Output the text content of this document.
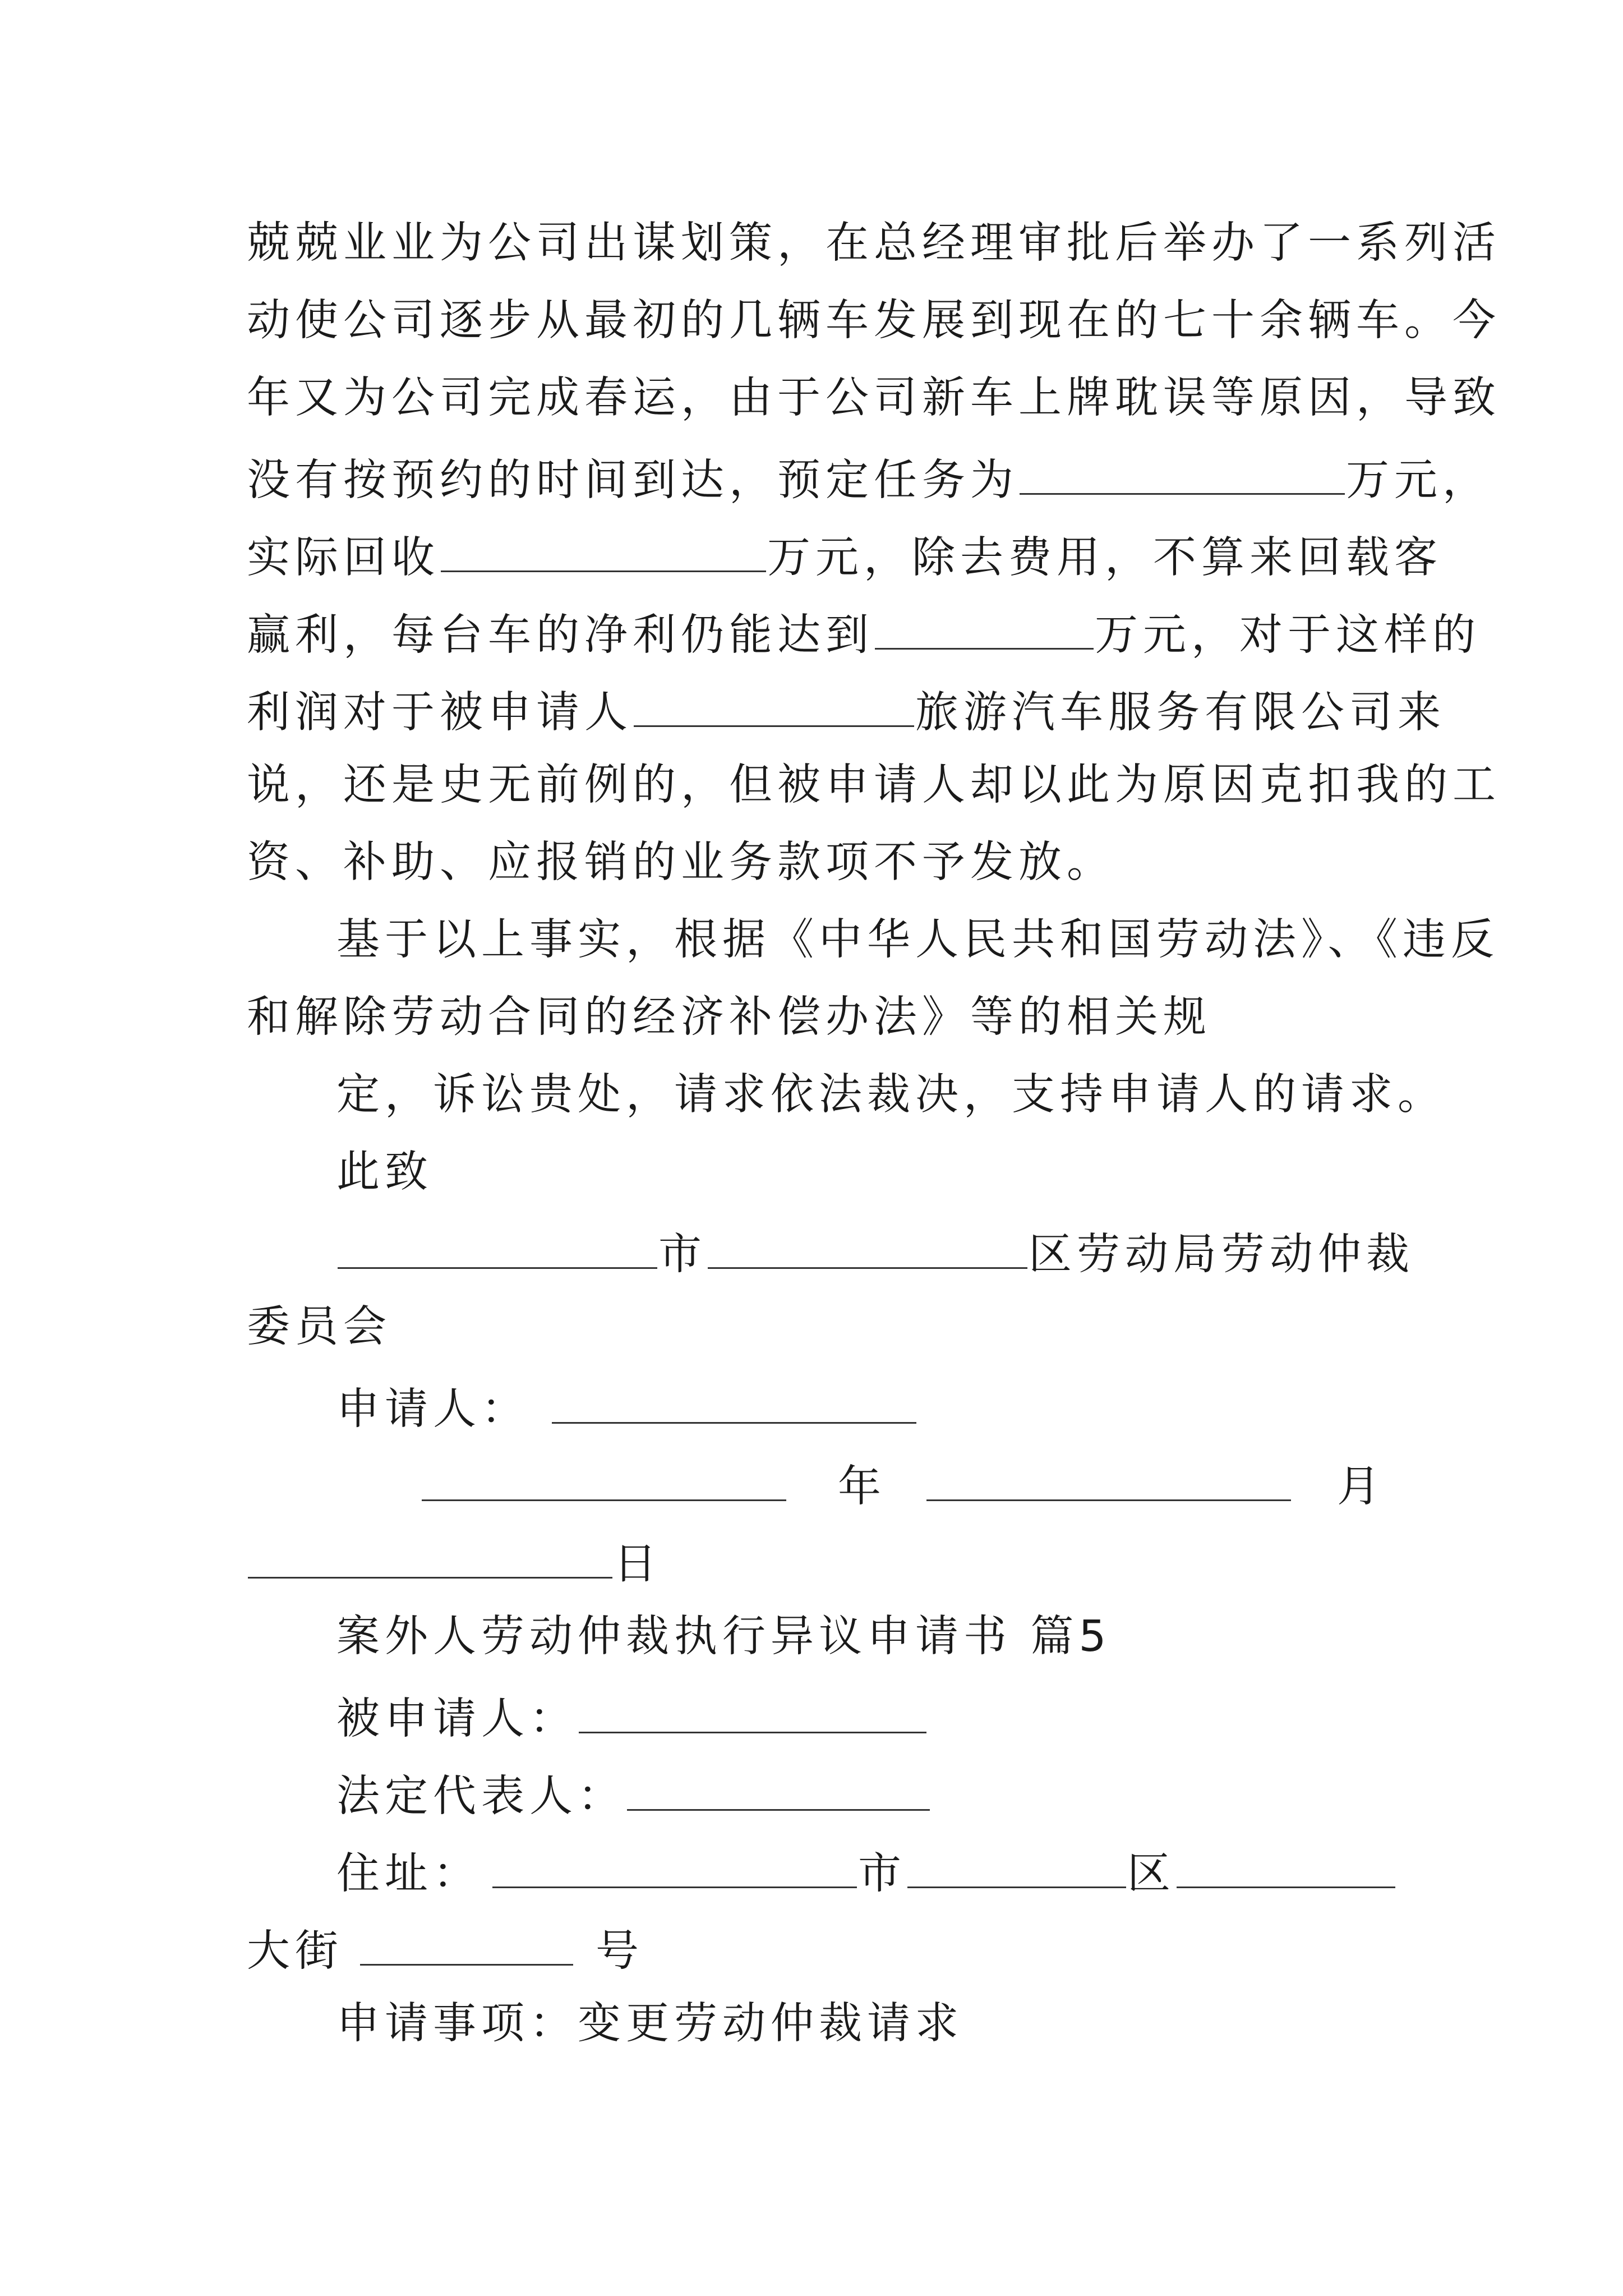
兢兢业业为公司出谋划策，在总经理审批后举办了一系列活
动使公司逐步从最初的几辆车发展到现在的七十余辆车。今
年又为公司完成春运，由于公司新车上牌耽误等原因，导致
没有按预约的时间到达，预定任务为	万元，
实际回收	万元，除去费用，不算来回载客
赢利，每台车的净利仍能达到	万元，对于这样的
利润对于被申请人	旅游汽车服务有限公司来
说，还是史无前例的，但被申请人却以此为原因克扣我的工
资、补助、应报销的业务款项不予发放。
基于以上事实，根据《中华人民共和国劳动法》、《违反
和解除劳动合同的经济补偿办法》等的相关规
定，诉讼贵处，请求依法裁决，支持申请人的请求。
此致
市	区劳动局劳动仲裁
委员会
申请人：
年	月
日
案外人劳动仲裁执行异议申请书 篇5
被申请人：
法定代表人：
住址：	市	区
大街	号
申请事项：变更劳动仲裁请求
